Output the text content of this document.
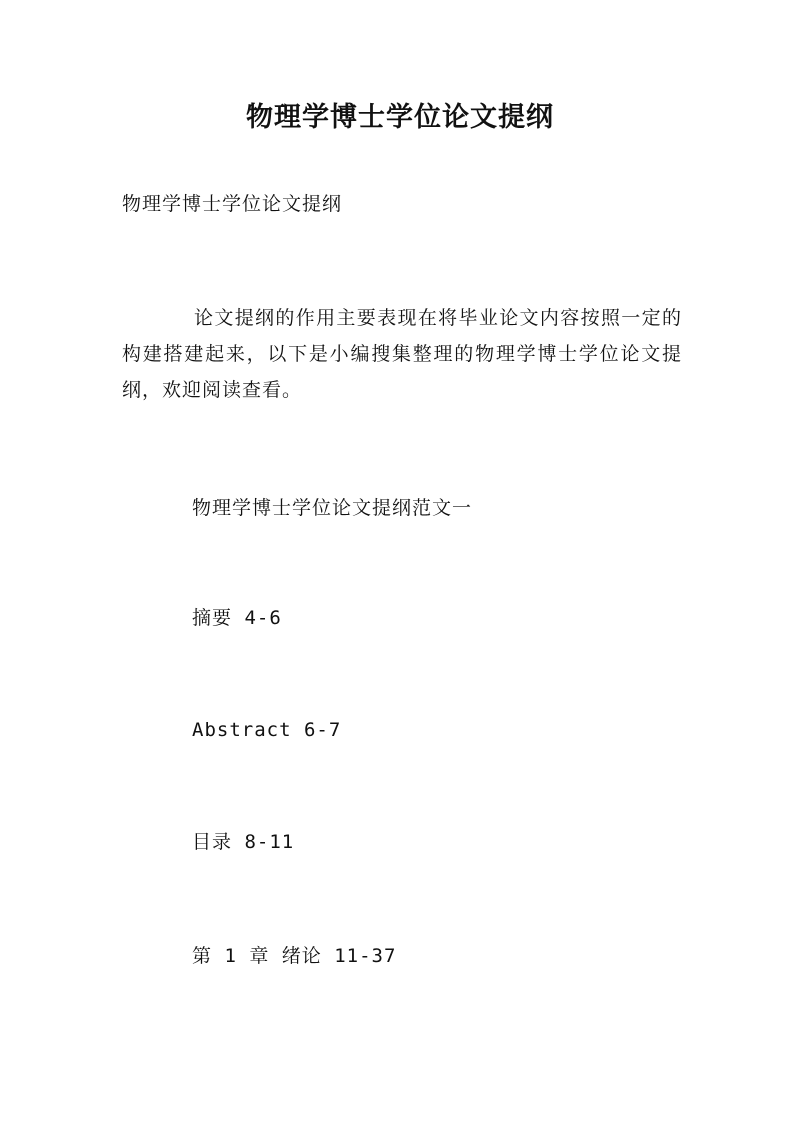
物理学博士学位论文提纲

物理学博士学位论文提纲

论文提纲的作用主要表现在将毕业论文内容按照一定的构建搭建起来，以下是小编搜集整理的物理学博士学位论文提纲，欢迎阅读查看。

物理学博士学位论文提纲范文一

摘要 4-6

Abstract 6-7

目录 8-11

第 1 章 绪论 11-37
